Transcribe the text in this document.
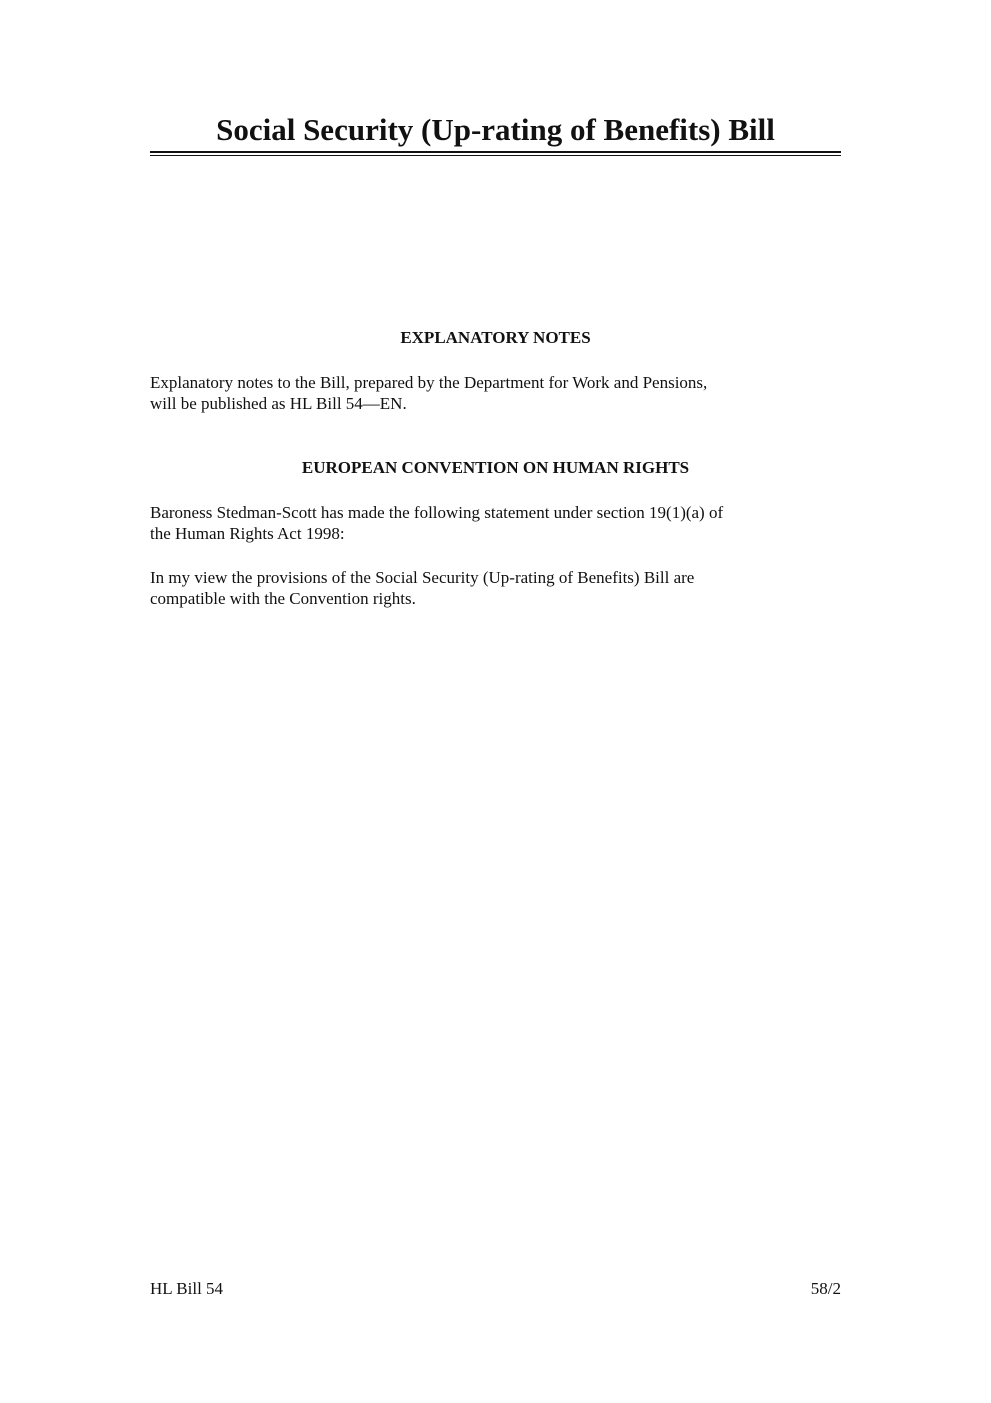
Social Security (Up-rating of Benefits) Bill
EXPLANATORY NOTES

Explanatory notes to the Bill, prepared by the Department for Work and Pensions,
will be published as HL Bill 54—EN.

EUROPEAN CONVENTION ON HUMAN RIGHTS

Baroness Stedman-Scott has made the following statement under section 19(1)(a) of
the Human Rights Act 1998:

In my view the provisions of the Social Security (Up-rating of Benefits) Bill are
compatible with the Convention rights.

HL Bill 54	58/2
